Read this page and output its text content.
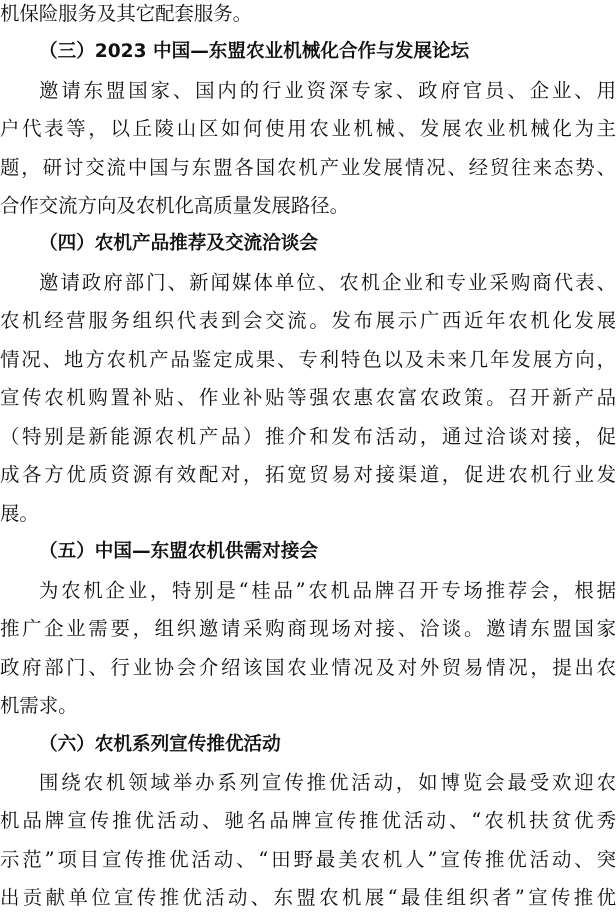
机保险服务及其它配套服务。
（三）2023 中国—东盟农业机械化合作与发展论坛
邀请东盟国家、国内的行业资深专家、政府官员、企业、用
户代表等，以丘陵山区如何使用农业机械、发展农业机械化为主
题，研讨交流中国与东盟各国农机产业发展情况、经贸往来态势、
合作交流方向及农机化高质量发展路径。
（四）农机产品推荐及交流洽谈会
邀请政府部门、新闻媒体单位、农机企业和专业采购商代表、
农机经营服务组织代表到会交流。发布展示广西近年农机化发展
情况、地方农机产品鉴定成果、专利特色以及未来几年发展方向，
宣传农机购置补贴、作业补贴等强农惠农富农政策。召开新产品
（特别是新能源农机产品）推介和发布活动，通过洽谈对接，促
成各方优质资源有效配对，拓宽贸易对接渠道，促进农机行业发
展。
（五）中国—东盟农机供需对接会
为农机企业，特别是“桂品”农机品牌召开专场推荐会，根据
推广企业需要，组织邀请采购商现场对接、洽谈。邀请东盟国家
政府部门、行业协会介绍该国农业情况及对外贸易情况，提出农
机需求。
（六）农机系列宣传推优活动
围绕农机领域举办系列宣传推优活动，如博览会最受欢迎农
机品牌宣传推优活动、驰名品牌宣传推优活动、“农机扶贫优秀
示范”项目宣传推优活动、“田野最美农机人”宣传推优活动、突
出贡献单位宣传推优活动、东盟农机展“最佳组织者”宣传推优
